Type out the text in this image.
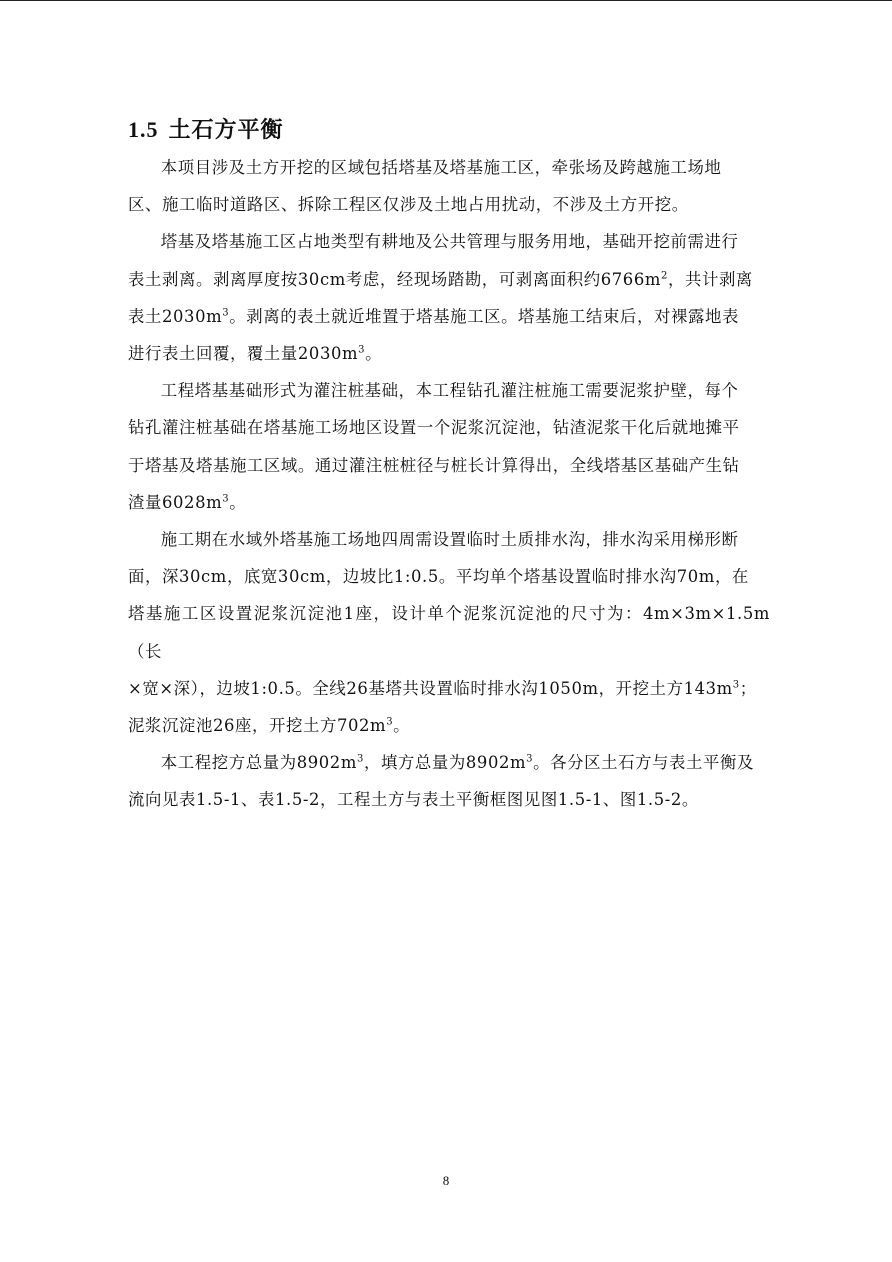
1.5 土石方平衡

本项目涉及土方开挖的区域包括塔基及塔基施工区，牵张场及跨越施工场地
区、施工临时道路区、拆除工程区仅涉及土地占用扰动，不涉及土方开挖。

塔基及塔基施工区占地类型有耕地及公共管理与服务用地，基础开挖前需进行
表土剥离。剥离厚度按30cm考虑，经现场踏勘，可剥离面积约$6766m^2$，共计剥离
表土$2030m^3$。剥离的表土就近堆置于塔基施工区。塔基施工结束后，对裸露地表
进行表土回覆，覆土量$2030m^3$。

工程塔基基础形式为灌注桩基础，本工程钻孔灌注桩施工需要泥浆护壁，每个
钻孔灌注桩基础在塔基施工场地区设置一个泥浆沉淀池，钻渣泥浆干化后就地摊平
于塔基及塔基施工区域。通过灌注桩桩径与桩长计算得出，全线塔基区基础产生钻
渣量$6028m^3$。

施工期在水域外塔基施工场地四周需设置临时土质排水沟，排水沟采用梯形断
面，深30cm，底宽30cm，边坡比1:0.5。平均单个塔基设置临时排水沟70m，在
塔基施工区设置泥浆沉淀池1座，设计单个泥浆沉淀池的尺寸为：4m×3m×1.5m（长
×宽×深），边坡1:0.5。全线26基塔共设置临时排水沟1050m，开挖土方$143m^3$；
泥浆沉淀池26座，开挖土方$702m^3$。

本工程挖方总量为$8902m^3$，填方总量为$8902m^3$。各分区土石方与表土平衡及
流向见表1.5-1、表1.5-2，工程土方与表土平衡框图见图1.5-1、图1.5-2。

8
